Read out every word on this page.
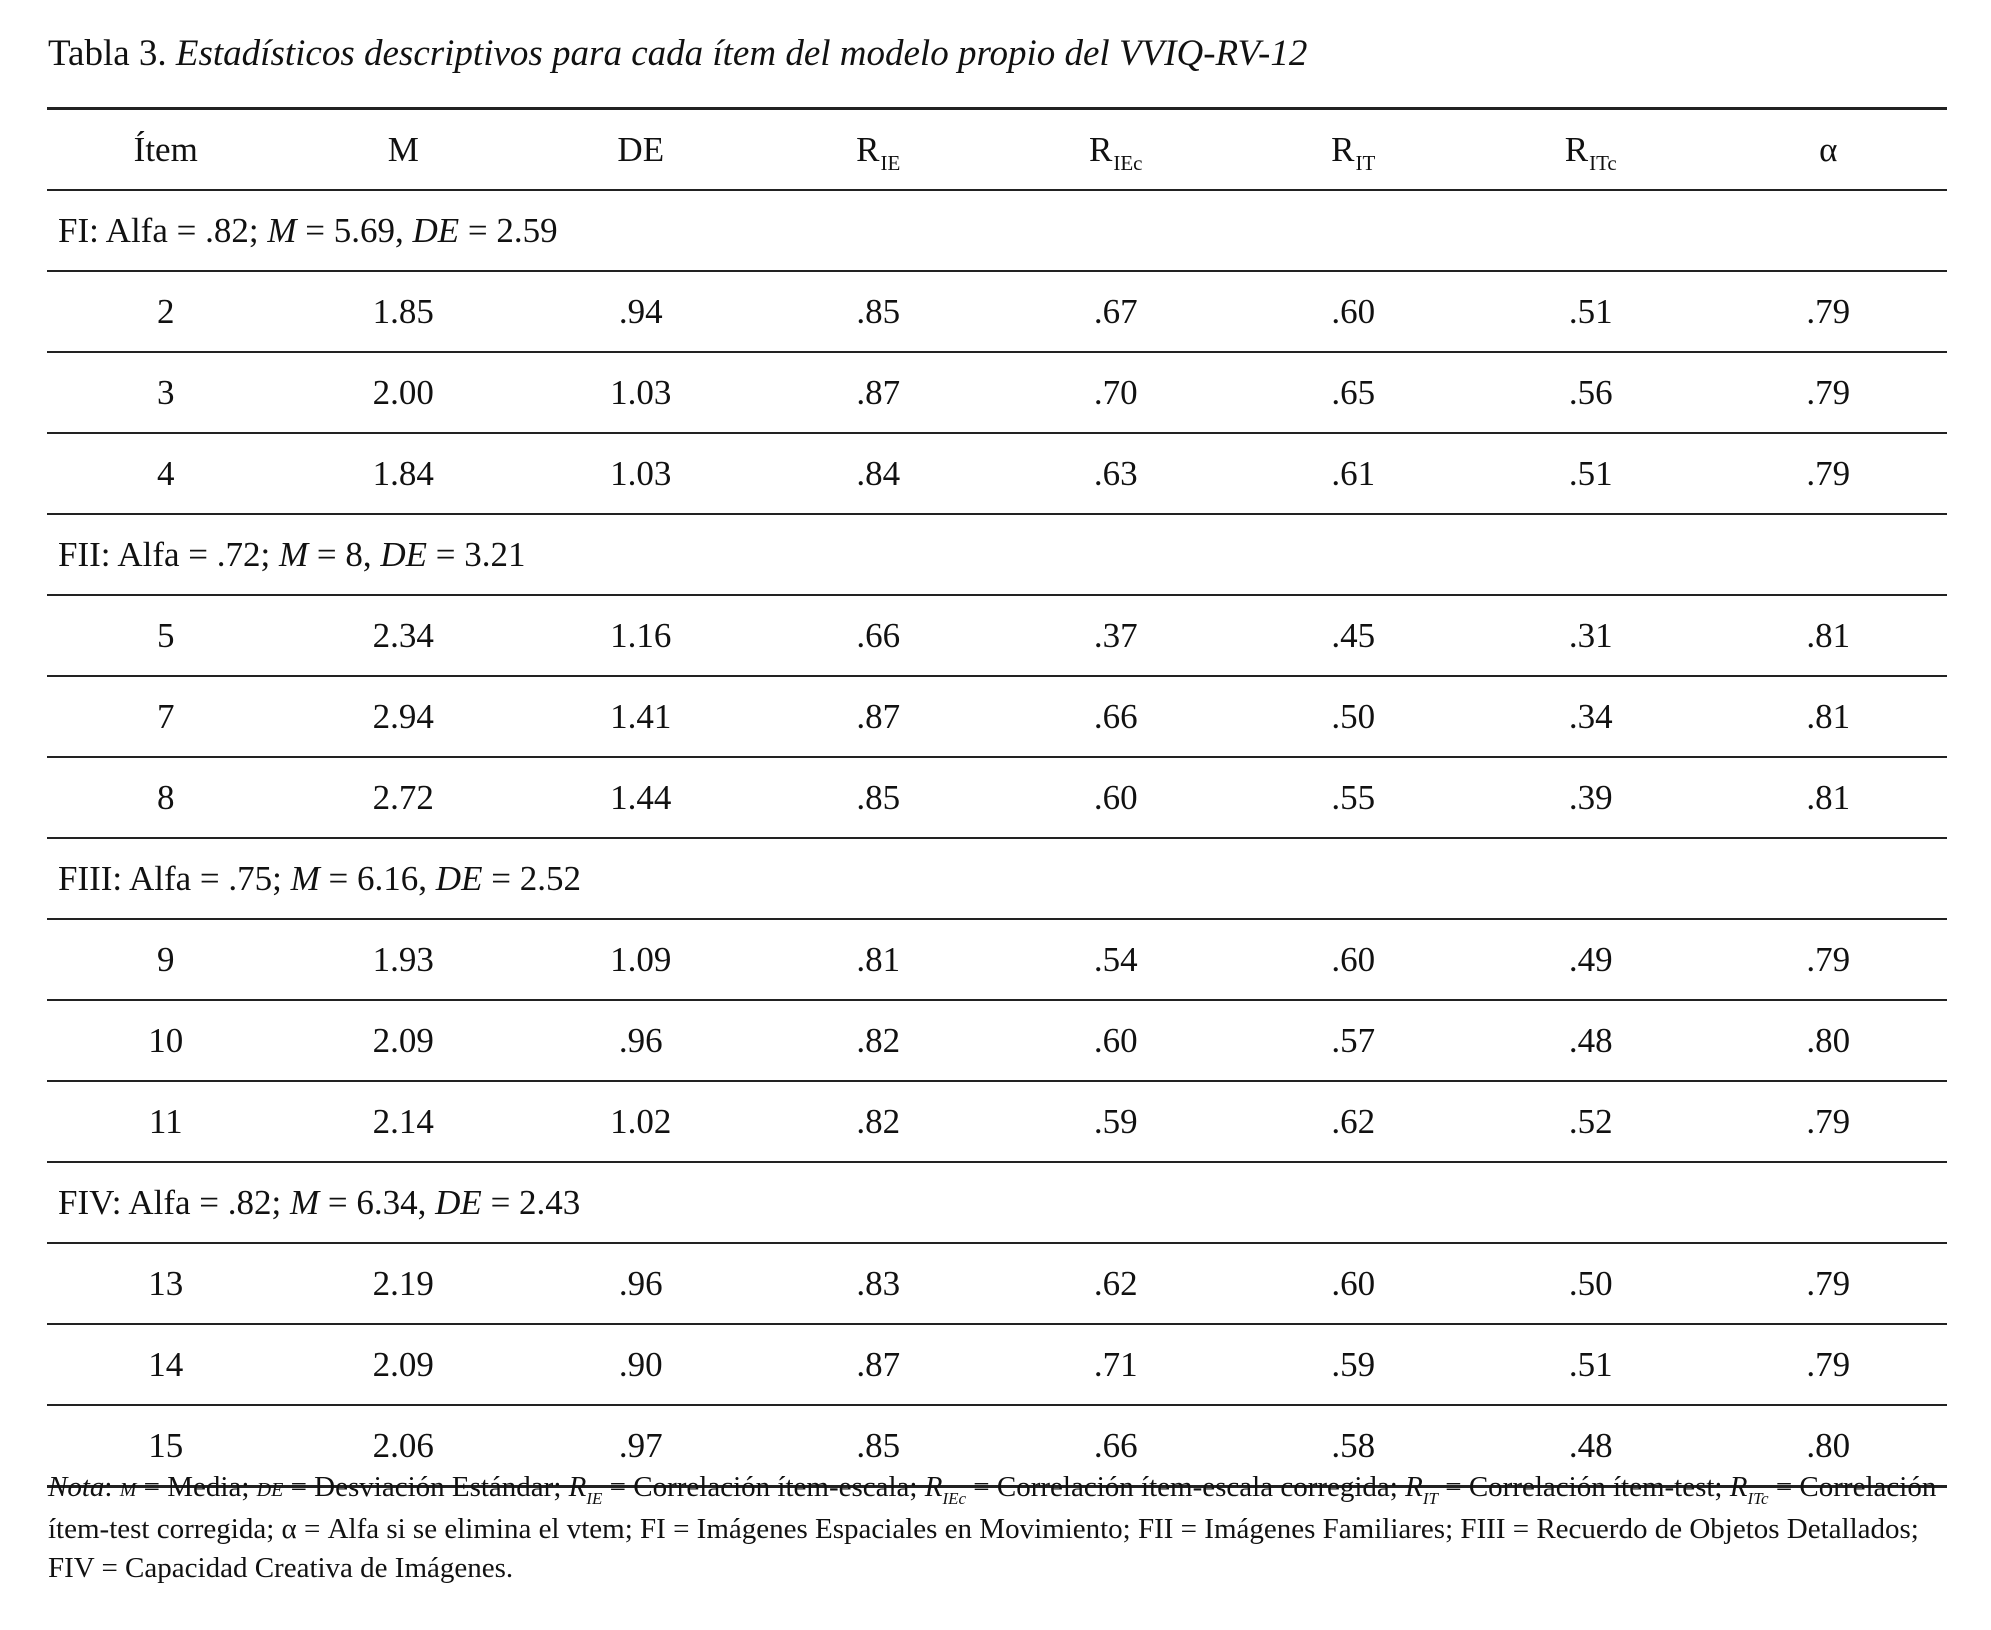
Tabla 3. Estadísticos descriptivos para cada ítem del modelo propio del VVIQ-RV-12
Ítem	M	DE	$R_{IE}$	$R_{IEc}$	$R_{IT}$	$R_{ITc}$	α
FI: Alfa = .82; M = 5.69, DE = 2.59							
2	1.85	.94	.85	.67	.60	.51	.79
3	2.00	1.03	.87	.70	.65	.56	.79
4	1.84	1.03	.84	.63	.61	.51	.79
FII: Alfa = .72; M = 8, DE = 3.21							
5	2.34	1.16	.66	.37	.45	.31	.81
7	2.94	1.41	.87	.66	.50	.34	.81
8	2.72	1.44	.85	.60	.55	.39	.81
FIII: Alfa = .75; M = 6.16, DE = 2.52							
9	1.93	1.09	.81	.54	.60	.49	.79
10	2.09	.96	.82	.60	.57	.48	.80
11	2.14	1.02	.82	.59	.62	.52	.79
FIV: Alfa = .82; M = 6.34, DE = 2.43							
13	2.19	.96	.83	.62	.60	.50	.79
14	2.09	.90	.87	.71	.59	.51	.79
15	2.06	.97	.85	.66	.58	.48	.80
Nota: M = Media; DE = Desviación Estándar; $R_{IE}$ = Correlación ítem-escala; $R_{IEc}$ = Correlación ítem-escala corregida; $R_{IT}$ = Correlación ítem-test; $R_{ITc}$ = Correlación ítem-test corregida; α = Alfa si se elimina el vtem; FI = Imágenes Espaciales en Movimiento; FII = Imágenes Familiares; FIII = Recuerdo de Objetos Detallados; FIV = Capacidad Creativa de Imágenes.
